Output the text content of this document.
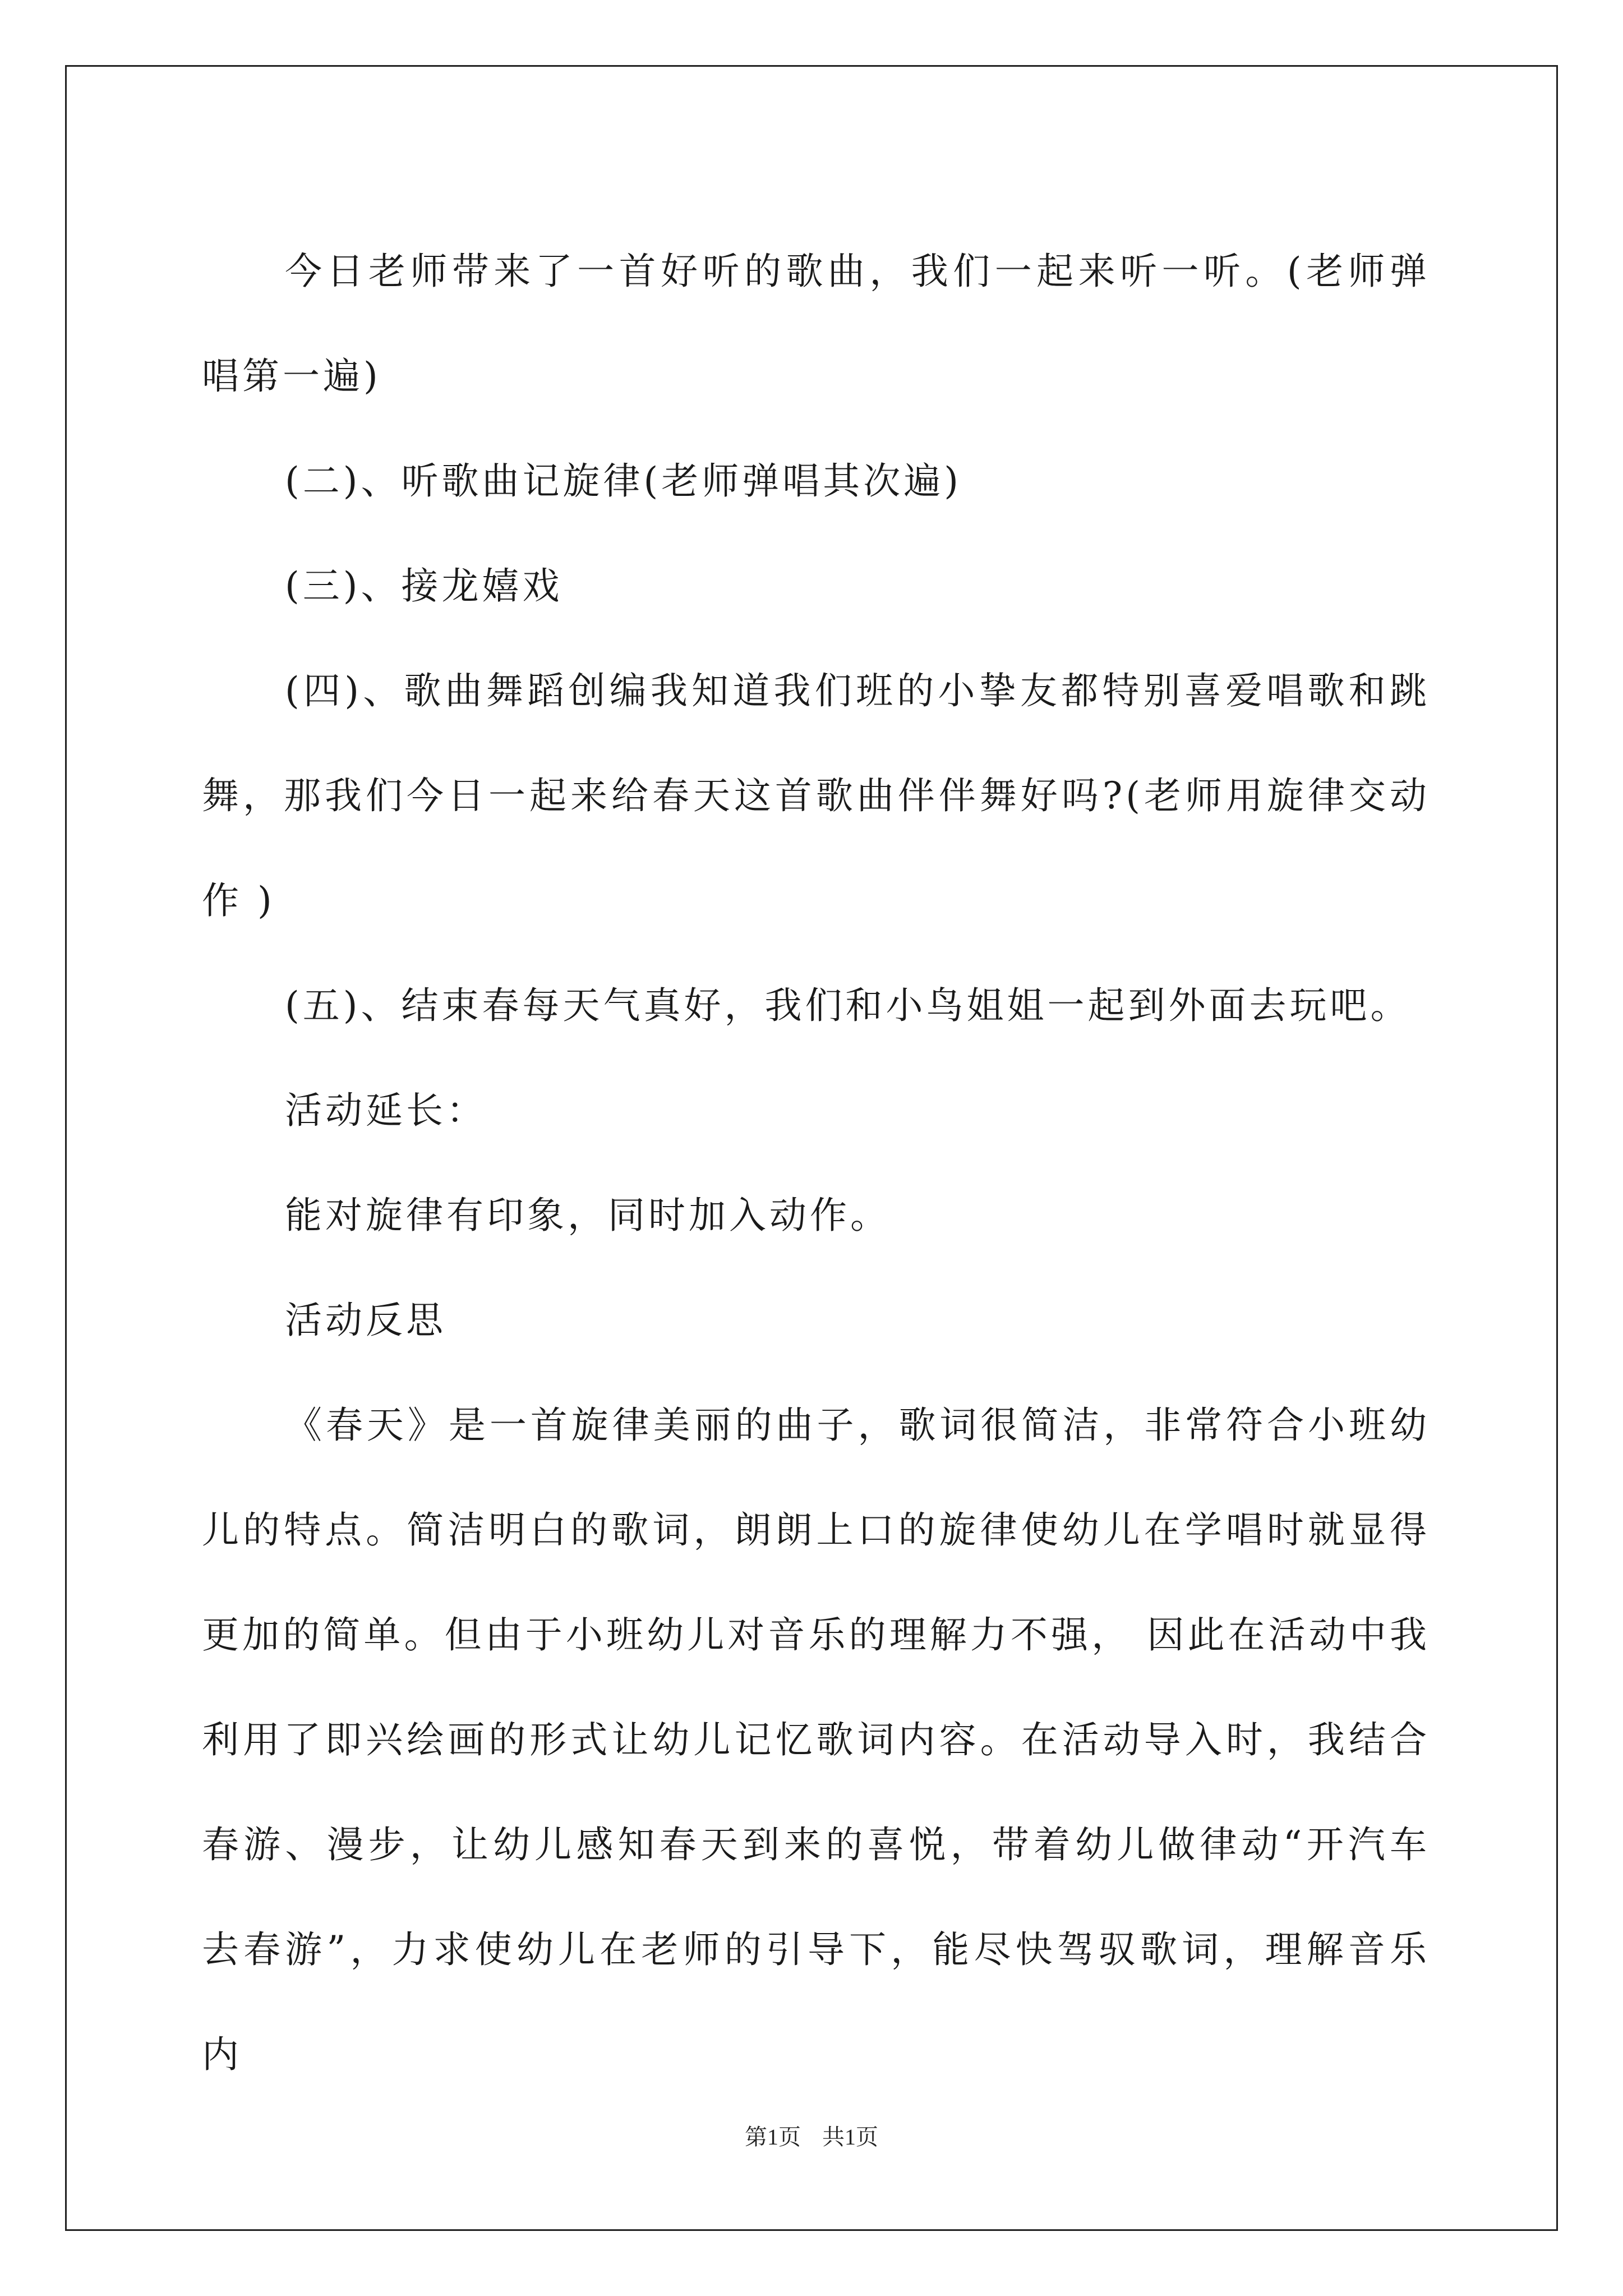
今日老师带来了一首好听的歌曲，我们一起来听一听。(老师弹唱第一遍)

(二)、听歌曲记旋律(老师弹唱其次遍)

(三)、接龙嬉戏

(四)、歌曲舞蹈创编我知道我们班的小挚友都特别喜爱唱歌和跳舞，那我们今日一起来给春天这首歌曲伴伴舞好吗?(老师用旋律交动作 )

(五)、结束春每天气真好，我们和小鸟姐姐一起到外面去玩吧。

活动延长：

能对旋律有印象，同时加入动作。

活动反思

《春天》是一首旋律美丽的曲子，歌词很简洁，非常符合小班幼儿的特点。简洁明白的歌词，朗朗上口的旋律使幼儿在学唱时就显得更加的简单。但由于小班幼儿对音乐的理解力不强， 因此在活动中我利用了即兴绘画的形式让幼儿记忆歌词内容。在活动导入时，我结合春游、漫步，让幼儿感知春天到来的喜悦，带着幼儿做律动“开汽车去春游”，力求使幼儿在老师的引导下，能尽快驾驭歌词，理解音乐内

第1页 共1页
